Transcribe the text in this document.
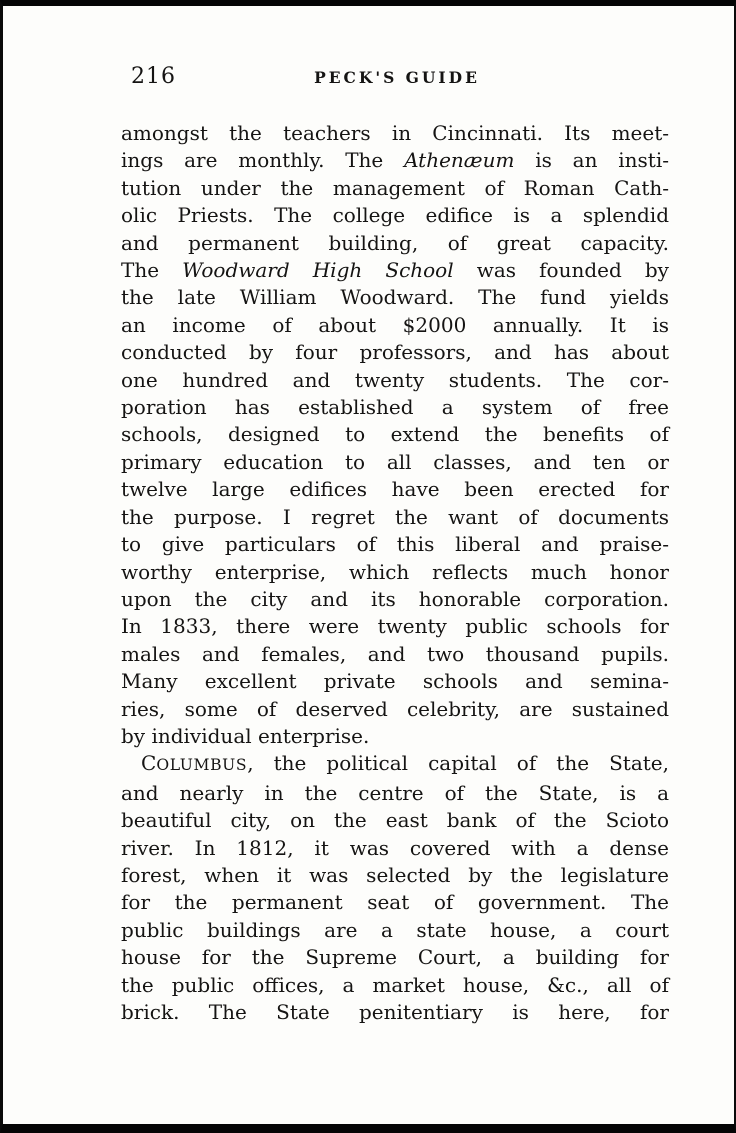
216	PECK'S GUIDE
amongst the teachers in Cincinnati. Its meet-
ings are monthly. The Athenæum is an insti-
tution under the management of Roman Cath-
olic Priests. The college edifice is a splendid
and permanent building, of great capacity.
The Woodward High School was founded by
the late William Woodward. The fund yields
an income of about $2000 annually. It is
conducted by four professors, and has about
one hundred and twenty students. The cor-
poration has established a system of free
schools, designed to extend the benefits of
primary education to all classes, and ten or
twelve large edifices have been erected for
the purpose. I regret the want of documents
to give particulars of this liberal and praise-
worthy enterprise, which reflects much honor
upon the city and its honorable corporation.
In 1833, there were twenty public schools for
males and females, and two thousand pupils.
Many excellent private schools and semina-
ries, some of deserved celebrity, are sustained
by individual enterprise.
COLUMBUS, the political capital of the State,
and nearly in the centre of the State, is a
beautiful city, on the east bank of the Scioto
river. In 1812, it was covered with a dense
forest, when it was selected by the legislature
for the permanent seat of government. The
public buildings are a state house, a court
house for the Supreme Court, a building for
the public offices, a market house, &c., all of
brick. The State penitentiary is here, for
